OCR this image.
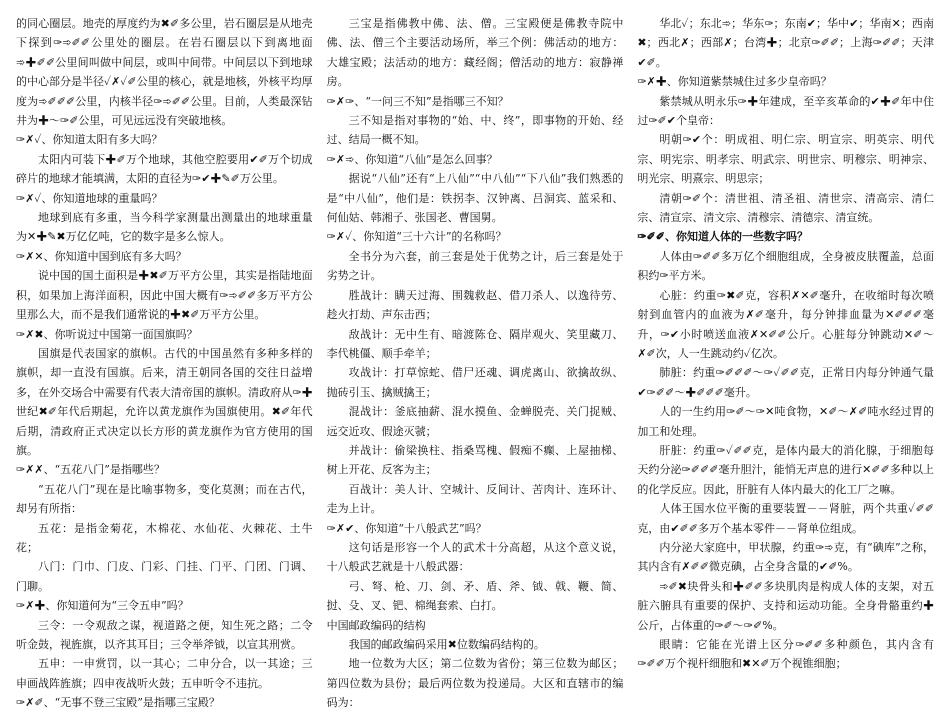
的同心圈层。地壳的厚度约为✖✐多公里，岩石圈层是从地壳下探到✑➾✐✐公里处的圈层。在岩石圈层以下到离地面➾✚✐✐公里间叫做中间层，或叫中间带。中间层以下到地球的中心部分是半径✓✗✓✐公里的核心，就是地核，外核平均厚度为➾✐✐✐公里，内核半径✑➾✐✐公里。目前，人类最深钻井为✚～✑✐公里，可见远远没有突破地核。

✑✗✓、你知道太阳有多大吗？

太阳内可装下✚✐万个地球，其他空腔要用✔✐万个切成碎片的地球才能填满，太阳的直径为✑✔✚✎✐万公里。

✑✗✓、你知道地球的重量吗？

地球到底有多重，当今科学家测量出测量出的地球重量为✕✚✎✖万亿亿吨，它的数字是多么惊人。

✑✗✕、你知道中国到底有多大吗？

说中国的国土面积是✚✖✐万平方公里，其实是指陆地面积，如果加上海洋面积，因此中国大概有✑➾✐✐多万平方公里那么大，而不是我们通常说的✚✖✐万平方公里。

✑✗✖、你听说过中国第一面国旗吗？

国旗是代表国家的旗帜。古代的中国虽然有多种多样的旗帜，却一直没有国旗。后来，清王朝同各国的交往日益增多，在外交场合中需要有代表大清帝国的旗帜。清政府从✑✚世纪✖✐年代后期起，允许以黄龙旗作为国旗使用。✖✐年代后期，清政府正式决定以长方形的黄龙旗作为官方使用的国旗。

✑✗✗、“五花八门”是指哪些？

“五花八门”现在是比喻事物多，变化莫测；而在古代，却另有所指：

五花：是指金菊花，木棉花、水仙花、火棘花、土牛花；

八门：门巾、门皮、门彩、门挂、门平、门团、门调、门聊。

✑✗✚、你知道何为“三令五申”吗？

三令：一令观敌之谋，视道路之便，知生死之路；二令听金鼓，视旌旗，以齐其耳目；三令举斧钺，以宣其刑赏。

五申：一申赏罚，以一其心；二申分合，以一其途；三申画战阵旌旗；四申夜战听火鼓；五申听令不违抗。

✑✗✐、“无事不登三宝殿”是指哪三宝殿？

三宝是指佛教中佛、法、僧。三宝殿便是佛教寺院中佛、法、僧三个主要活动场所，举三个例：佛活动的地方：大雄宝殿；法活动的地方：藏经阁；僧活动的地方：寂静禅房。

✑✗✑、“一问三不知”是指哪三不知？

三不知是指对事物的“始、中、终”，即事物的开始、经过、结局一概不知。

✑✗➾、你知道“八仙”是怎么回事？

据说“八仙”还有“上八仙”“中八仙”“下八仙”我们熟悉的是“中八仙”，他们是：铁拐李、汉钟离、吕洞宾、蓝采和、何仙姑、韩湘子、张国老、曹国舅。

✑✗✓、你知道“三十六计”的名称吗？

全书分为六套，前三套是处于优势之计，后三套是处于劣势之计。

胜战计：瞒天过海、围魏救赵、借刀杀人、以逸待劳、趁火打劫、声东击西；

敌战计：无中生有、暗渡陈仓、隔岸观火、笑里藏刀、李代桃僵、顺手牵羊；

攻战计：打草惊蛇、借尸还魂、调虎离山、欲擒故纵、抛砖引玉、擒贼擒王；

混战计：釜底抽薪、混水摸鱼、金蝉脱壳、关门捉贼、远交近攻、假途灭虢；

并战计：偷梁换柱、指桑骂槐、假痴不癫、上屋抽梯、树上开花、反客为主；

百战计：美人计、空城计、反间计、苦肉计、连环计、走为上计。

✑✗✔、你知道“十八般武艺”吗？

这句话是形容一个人的武术十分高超，从这个意义说，十八般武艺就是十八般武器：

弓、弩、枪、刀、剑、矛、盾、斧、钺、戟、鞭、简、挝、殳、叉、钯、棉绳套索、白打。

中国邮政编码的结构

我国的邮政编码采用✖位数编码结构的。

地一位数为大区；第二位数为省份；第三位数为邮区；第四位数为县份；最后两位数为投递局。大区和直辖市的编码为：

华北✓；东北➾；华东✑；东南✔；华中✔；华南✕；西南✖；西北✗；西部✗；台湾✚；北京✑✐✐；上海✑✐✐；天津✔✐。

✑✗✚、你知道紫禁城住过多少皇帝吗？

紫禁城从明永乐✑✚年建成，至辛亥革命的✔✚✐年中住过✑✐✔个皇帝：

明朝✑✔个：明成祖、明仁宗、明宣宗、明英宗、明代宗、明宪宗、明孝宗、明武宗、明世宗、明穆宗、明神宗、明光宗、明熹宗、明思宗；

清朝✑✐个：清世祖、清圣祖、清世宗、清高宗、清仁宗、清宣宗、清文宗、清穆宗、清德宗、清宣统。

✑✐✐、你知道人体的一些数字吗？

人体由✑✐✐多万亿个细胞组成，全身被皮肤覆盖，总面积约✑平方米。

心脏：约重✑✖✐克，容积✗✕✐毫升，在收缩时每次喷射到血管内的血液为✗✐毫升，每分钟排血量为✕✐✐✐毫升，✑✔小时喷送血液✗✕✐✐公斤。心脏每分钟跳动✕✐～✗✐次，人一生跳动约✓亿次。

肺脏：约重✑✐✐✐～✑✓✐✐克，正常日内每分钟通气量✔✑✐✐～✚✐✐✐毫升。

人的一生约用✑✐～✑✕吨食物，✕✐～✗✐吨水经过胃的加工和处理。

肝脏：约重✑✓✐✐克，是体内最大的消化腺，于细胞每天约分泌✑✐✐✐毫升胆汁，能悄无声息的进行✕✐✐多种以上的化学反应。因此，肝脏有人体内最大的化工厂之嘛。

人体王国水位平衡的重要装置－－肾脏，两个共重✓✐✐克，由✔✐✐多万个基本零件－－肾单位组成。

内分泌大家庭中，甲状腺，约重✑➾克，有“碘库”之称，其内含有✗✐✐微克碘，占全身含量的✔✐%。

➾✐✖块骨头和✚✐✐多块肌肉是构成人体的支架，对五脏六腑具有重要的保护、支持和运动功能。全身骨骼重约✚公斤，占体重的✑✐～✑✐%。

眼睛：它能在光谱上区分✑✐✐多种颜色，其内含有✑✐✐万个视杆细胞和✖✕✐万个视锥细胞；
